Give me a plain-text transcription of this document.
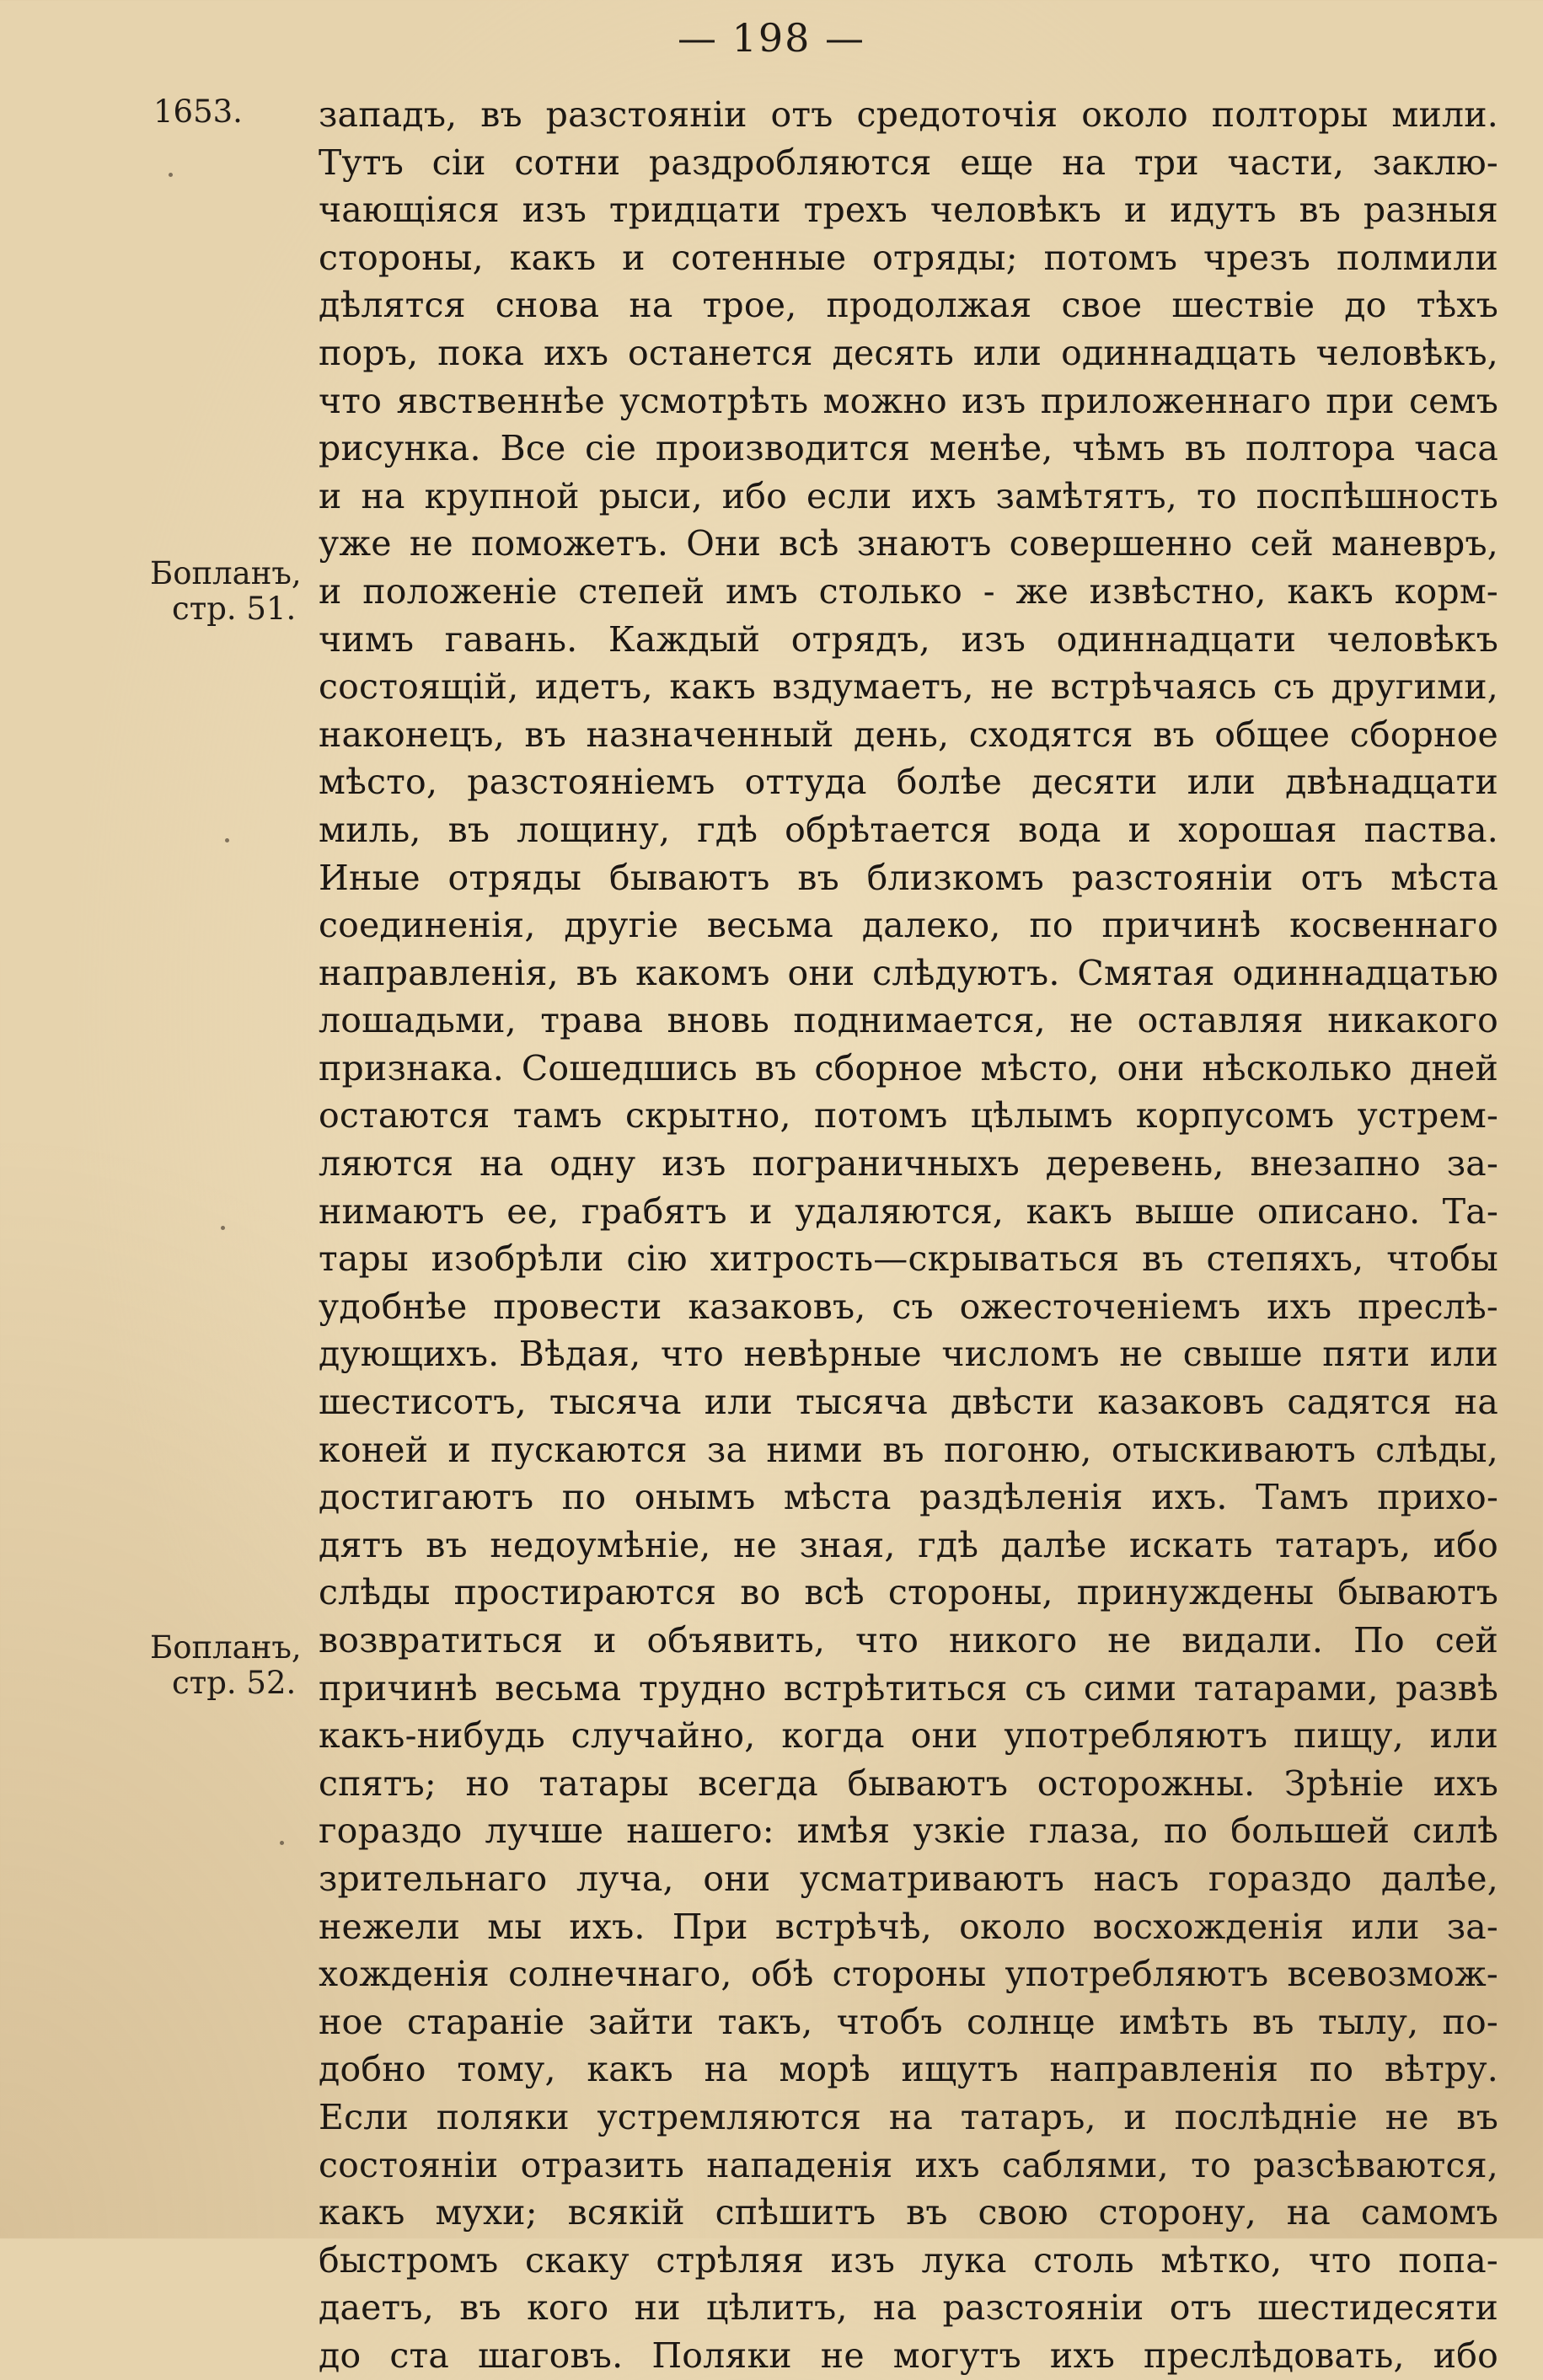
— 198 —
1653.
Бопланъ,
стр. 51.
Бопланъ,
стр. 52.
западъ, въ разстояніи отъ средоточія около полторы мили.
Тутъ сіи сотни раздробляются еще на три части, заклю-
чающіяся изъ тридцати трехъ человѣкъ и идутъ въ разныя
стороны, какъ и сотенные отряды; потомъ чрезъ полмили
дѣлятся снова на трое, продолжая свое шествіе до тѣхъ
поръ, пока ихъ останется десять или одиннадцать человѣкъ,
что явственнѣе усмотрѣть можно изъ приложеннаго при семъ
рисунка. Все сіе производится менѣе, чѣмъ въ полтора часа
и на крупной рыси, ибо если ихъ замѣтятъ, то поспѣшность
уже не поможетъ. Они всѣ знаютъ совершенно сей маневръ,
и положеніе степей имъ столько - же извѣстно, какъ корм-
чимъ гавань. Каждый отрядъ, изъ одиннадцати человѣкъ
состоящій, идетъ, какъ вздумаетъ, не встрѣчаясь съ другими,
наконецъ, въ назначенный день, сходятся въ общее сборное
мѣсто, разстояніемъ оттуда болѣе десяти или двѣнадцати
миль, въ лощину, гдѣ обрѣтается вода и хорошая паства.
Иные отряды бываютъ въ близкомъ разстояніи отъ мѣста
соединенія, другіе весьма далеко, по причинѣ косвеннаго
направленія, въ какомъ они слѣдуютъ. Смятая одиннадцатью
лошадьми, трава вновь поднимается, не оставляя никакого
признака. Сошедшись въ сборное мѣсто, они нѣсколько дней
остаются тамъ скрытно, потомъ цѣлымъ корпусомъ устрем-
ляются на одну изъ пограничныхъ деревень, внезапно за-
нимаютъ ее, грабятъ и удаляются, какъ выше описано. Та-
тары изобрѣли сію хитрость—скрываться въ степяхъ, чтобы
удобнѣе провести казаковъ, съ ожесточеніемъ ихъ преслѣ-
дующихъ. Вѣдая, что невѣрные числомъ не свыше пяти или
шестисотъ, тысяча или тысяча двѣсти казаковъ садятся на
коней и пускаются за ними въ погоню, отыскиваютъ слѣды,
достигаютъ по онымъ мѣста раздѣленія ихъ. Тамъ прихо-
дятъ въ недоумѣніе, не зная, гдѣ далѣе искать татаръ, ибо
слѣды простираются во всѣ стороны, принуждены бываютъ
возвратиться и объявить, что никого не видали. По сей
причинѣ весьма трудно встрѣтиться съ сими татарами, развѣ
какъ-нибудь случайно, когда они употребляютъ пищу, или
спятъ; но татары всегда бываютъ осторожны. Зрѣніе ихъ
гораздо лучше нашего: имѣя узкіе глаза, по большей силѣ
зрительнаго луча, они усматриваютъ насъ гораздо далѣе,
нежели мы ихъ. При встрѣчѣ, около восхожденія или за-
хожденія солнечнаго, обѣ стороны употребляютъ всевозмож-
ное стараніе зайти такъ, чтобъ солнце имѣть въ тылу, по-
добно тому, какъ на морѣ ищутъ направленія по вѣтру.
Если поляки устремляются на татаръ, и послѣдніе не въ
состояніи отразить нападенія ихъ саблями, то разсѣваются,
какъ мухи; всякій спѣшитъ въ свою сторону, на самомъ
быстромъ скаку стрѣляя изъ лука столь мѣтко, что попа-
даетъ, въ кого ни цѣлитъ, на разстояніи отъ шестидесяти
до ста шаговъ. Поляки не могутъ ихъ преслѣдовать, ибо
